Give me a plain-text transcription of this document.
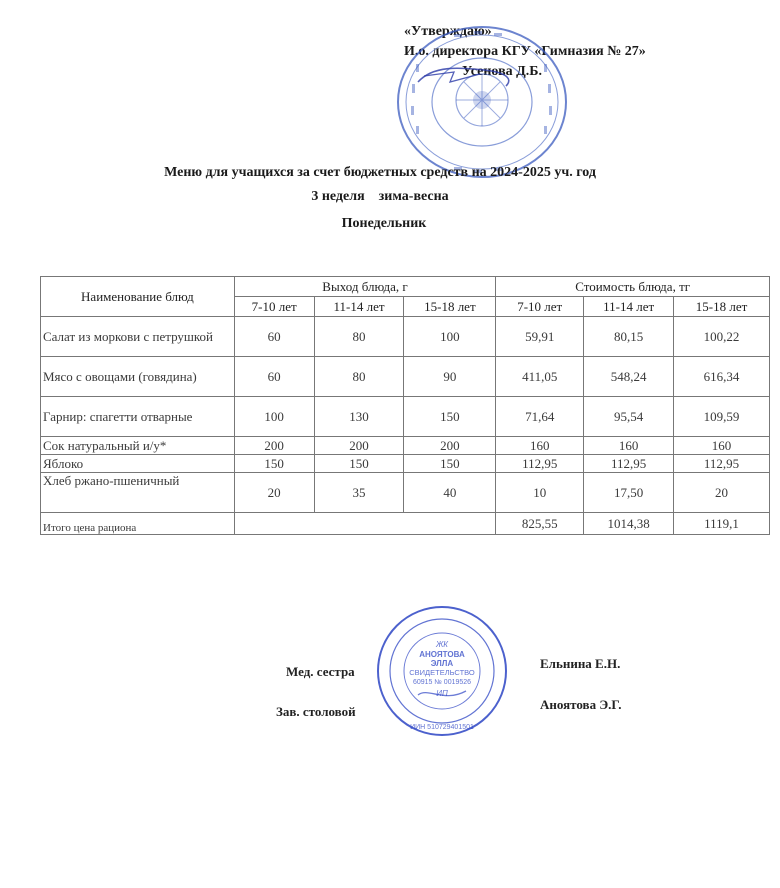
«Утверждаю»
И.о. директора КГУ «Гимназия № 27»
Усенова Д.Б.
Меню для учащихся за счет бюджетных средств на 2024-2025 уч. год
3 неделя    зима-весна
Понедельник
Наименование блюд	Выход блюда, г			Стоимость блюда, тг		
	7-10 лет	11-14 лет	15-18 лет	7-10 лет	11-14 лет	15-18 лет
Салат из моркови с петрушкой	60	80	100	59,91	80,15	100,22
Мясо с овощами (говядина)	60	80	90	411,05	548,24	616,34
Гарнир: спагетти отварные	100	130	150	71,64	95,54	109,59
Сок натуральный и/у*	200	200	200	160	160	160
Яблоко	150	150	150	112,95	112,95	112,95
Хлеб ржано-пшеничный	20	35	40	10	17,50	20
Итого цена рациона				825,55	1014,38	1119,1
ЖК
АНОЯТОВА
ЭЛЛА
СВИДЕТЕЛЬСТВО
60915 № 0019526
ИП
ИИН 510729401501
Мед. сестра
Ельнина Е.Н.
Зав. столовой	Аноятова Э.Г.
